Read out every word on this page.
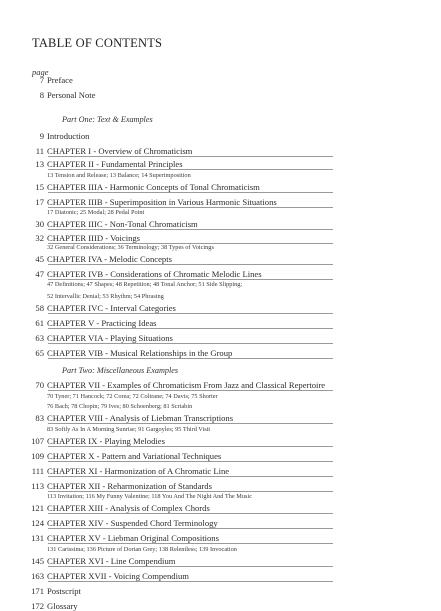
TABLE OF CONTENTS
page
7 Preface
8 Personal Note
Part One: Text & Examples
9 Introduction
11 CHAPTER I - Overview of Chromaticism
13 CHAPTER II - Fundamental Principles
13 Tension and Release; 13 Balance; 14 Superimposition
15 CHAPTER IIIA - Harmonic Concepts of Tonal Chromaticism
17 CHAPTER IIIB - Superimposition in Various Harmonic Situations
17 Diatonic; 25 Modal; 28 Pedal Point
30 CHAPTER IIIC - Non-Tonal Chromaticism
32 CHAPTER IIID - Voicings
32 General Considerations; 36 Terminology; 38 Types of Voicings
45 CHAPTER IVA - Melodic Concepts
47 CHAPTER IVB - Considerations of Chromatic Melodic Lines
47 Definitions; 47 Shapes; 48 Repetition; 48 Tonal Anchor; 51 Side Slipping;
52 Intervallic Denial; 53 Rhythm; 54 Phrasing
58 CHAPTER IVC - Interval Categories
61 CHAPTER V - Practicing Ideas
63 CHAPTER VIA - Playing Situations
65 CHAPTER VIB - Musical Relationships in the Group
Part Two: Miscellaneous Examples
70 CHAPTER VII - Examples of Chromaticism From Jazz and Classical Repertoire
70 Tyner; 71 Hancock; 72 Corea; 72 Coltrane; 74 Davis; 75 Shorter
76 Bach; 78 Chopin; 79 Ives; 80 Schoenberg; 81 Scriabin
83 CHAPTER VIII - Analysis of Liebman Transcriptions
83 Softly As In A Morning Sunrise; 91 Gargoyles; 95 Third Visit
107 CHAPTER IX - Playing Melodies
109 CHAPTER X - Pattern and Variational Techniques
111 CHAPTER XI - Harmonization of A Chromatic Line
113 CHAPTER XII - Reharmonization of Standards
113 Invitation; 116 My Funny Valentine; 118 You And The Night And The Music
121 CHAPTER XIII - Analysis of Complex Chords
124 CHAPTER XIV - Suspended Chord Terminology
131 CHAPTER XV - Liebman Original Compositions
131 Carissima; 136 Picture of Dorian Grey; 138 Relentless; 139 Invocation
145 CHAPTER XVI - Line Compendium
163 CHAPTER XVII - Voicing Compendium
171 Postscript
172 Glossary
